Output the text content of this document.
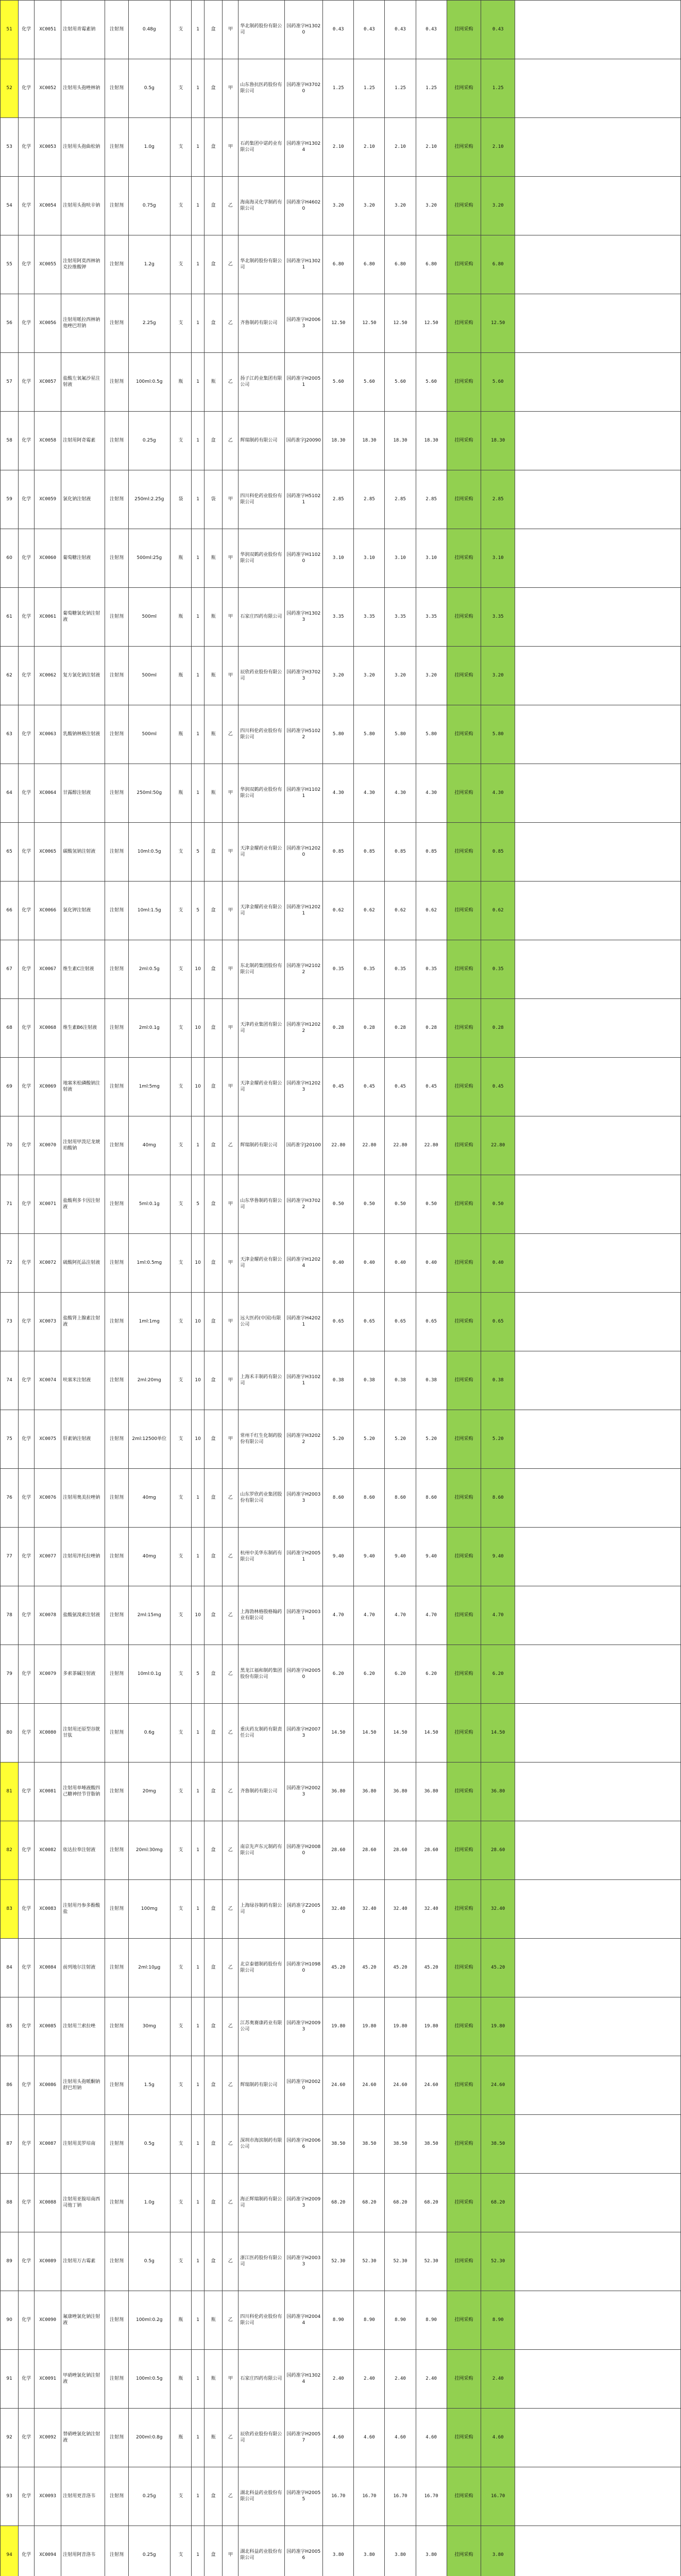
51	化学	XC0051	注射用青霉素钠	注射剂	0.48g	支	1	盒	甲	华北制药股份有限公司	国药准字H13020	0.43	0.43	0.43	0.43	挂网采购	0.43	
52	化学	XC0052	注射用头孢唑林钠	注射剂	0.5g	支	1	盒	甲	山东鲁抗医药股份有限公司	国药准字H37020	1.25	1.25	1.25	1.25	挂网采购	1.25	
53	化学	XC0053	注射用头孢曲松钠	注射剂	1.0g	支	1	盒	甲	石药集团中诺药业有限公司	国药准字H13024	2.10	2.10	2.10	2.10	挂网采购	2.10	
54	化学	XC0054	注射用头孢呋辛钠	注射剂	0.75g	支	1	盒	乙	海南海灵化学制药有限公司	国药准字H46020	3.20	3.20	3.20	3.20	挂网采购	3.20	
55	化学	XC0055	注射用阿莫西林钠克拉维酸钾	注射剂	1.2g	支	1	盒	乙	华北制药股份有限公司	国药准字H13021	6.80	6.80	6.80	6.80	挂网采购	6.80	
56	化学	XC0056	注射用哌拉西林钠他唑巴坦钠	注射剂	2.25g	支	1	盒	乙	齐鲁制药有限公司	国药准字H20063	12.50	12.50	12.50	12.50	挂网采购	12.50	
57	化学	XC0057	盐酸左氧氟沙星注射液	注射剂	100ml:0.5g	瓶	1	瓶	乙	扬子江药业集团有限公司	国药准字H20051	5.60	5.60	5.60	5.60	挂网采购	5.60	
58	化学	XC0058	注射用阿奇霉素	注射剂	0.25g	支	1	盒	乙	辉瑞制药有限公司	国药准字J20090	18.30	18.30	18.30	18.30	挂网采购	18.30	
59	化学	XC0059	氯化钠注射液	注射剂	250ml:2.25g	袋	1	袋	甲	四川科伦药业股份有限公司	国药准字H51021	2.85	2.85	2.85	2.85	挂网采购	2.85	
60	化学	XC0060	葡萄糖注射液	注射剂	500ml:25g	瓶	1	瓶	甲	华润双鹤药业股份有限公司	国药准字H11020	3.10	3.10	3.10	3.10	挂网采购	3.10	
61	化学	XC0061	葡萄糖氯化钠注射液	注射剂	500ml	瓶	1	瓶	甲	石家庄四药有限公司	国药准字H13023	3.35	3.35	3.35	3.35	挂网采购	3.35	
62	化学	XC0062	复方氯化钠注射液	注射剂	500ml	瓶	1	瓶	甲	辰欣药业股份有限公司	国药准字H37023	3.20	3.20	3.20	3.20	挂网采购	3.20	
63	化学	XC0063	乳酸钠林格注射液	注射剂	500ml	瓶	1	瓶	乙	四川科伦药业股份有限公司	国药准字H51022	5.80	5.80	5.80	5.80	挂网采购	5.80	
64	化学	XC0064	甘露醇注射液	注射剂	250ml:50g	瓶	1	瓶	甲	华润双鹤药业股份有限公司	国药准字H11021	4.30	4.30	4.30	4.30	挂网采购	4.30	
65	化学	XC0065	碳酸氢钠注射液	注射剂	10ml:0.5g	支	5	盒	甲	天津金耀药业有限公司	国药准字H12020	0.85	0.85	0.85	0.85	挂网采购	0.85	
66	化学	XC0066	氯化钾注射液	注射剂	10ml:1.5g	支	5	盒	甲	天津金耀药业有限公司	国药准字H12021	0.62	0.62	0.62	0.62	挂网采购	0.62	
67	化学	XC0067	维生素C注射液	注射剂	2ml:0.5g	支	10	盒	甲	东北制药集团股份有限公司	国药准字H21022	0.35	0.35	0.35	0.35	挂网采购	0.35	
68	化学	XC0068	维生素B6注射液	注射剂	2ml:0.1g	支	10	盒	甲	天津药业集团有限公司	国药准字H12022	0.28	0.28	0.28	0.28	挂网采购	0.28	
69	化学	XC0069	地塞米松磷酸钠注射液	注射剂	1ml:5mg	支	10	盒	甲	天津金耀药业有限公司	国药准字H12023	0.45	0.45	0.45	0.45	挂网采购	0.45	
70	化学	XC0070	注射用甲泼尼龙琥珀酸钠	注射剂	40mg	支	1	盒	乙	辉瑞制药有限公司	国药准字J20100	22.80	22.80	22.80	22.80	挂网采购	22.80	
71	化学	XC0071	盐酸利多卡因注射液	注射剂	5ml:0.1g	支	5	盒	甲	山东华鲁制药有限公司	国药准字H37022	0.50	0.50	0.50	0.50	挂网采购	0.50	
72	化学	XC0072	硫酸阿托品注射液	注射剂	1ml:0.5mg	支	10	盒	甲	天津金耀药业有限公司	国药准字H12024	0.40	0.40	0.40	0.40	挂网采购	0.40	
73	化学	XC0073	盐酸肾上腺素注射液	注射剂	1ml:1mg	支	10	盒	甲	远大医药(中国)有限公司	国药准字H42021	0.65	0.65	0.65	0.65	挂网采购	0.65	
74	化学	XC0074	呋塞米注射液	注射剂	2ml:20mg	支	10	盒	甲	上海禾丰制药有限公司	国药准字H31021	0.38	0.38	0.38	0.38	挂网采购	0.38	
75	化学	XC0075	肝素钠注射液	注射剂	2ml:12500单位	支	10	盒	甲	常州千红生化制药股份有限公司	国药准字H32022	5.20	5.20	5.20	5.20	挂网采购	5.20	
76	化学	XC0076	注射用奥美拉唑钠	注射剂	40mg	支	1	盒	乙	山东罗欣药业集团股份有限公司	国药准字H20033	8.60	8.60	8.60	8.60	挂网采购	8.60	
77	化学	XC0077	注射用泮托拉唑钠	注射剂	40mg	支	1	盒	乙	杭州中美华东制药有限公司	国药准字H20051	9.40	9.40	9.40	9.40	挂网采购	9.40	
78	化学	XC0078	盐酸氨溴索注射液	注射剂	2ml:15mg	支	10	盒	乙	上海勃林格殷格翰药业有限公司	国药准字H20031	4.70	4.70	4.70	4.70	挂网采购	4.70	
79	化学	XC0079	多索茶碱注射液	注射剂	10ml:0.1g	支	5	盒	乙	黑龙江福和制药集团股份有限公司	国药准字H20050	6.20	6.20	6.20	6.20	挂网采购	6.20	
80	化学	XC0080	注射用还原型谷胱甘肽	注射剂	0.6g	支	1	盒	乙	重庆药友制药有限责任公司	国药准字H20073	14.50	14.50	14.50	14.50	挂网采购	14.50	
81	化学	XC0081	注射用单唾液酸四己糖神经节苷脂钠	注射剂	20mg	支	1	盒	乙	齐鲁制药有限公司	国药准字H20023	36.80	36.80	36.80	36.80	挂网采购	36.80	
82	化学	XC0082	依达拉奉注射液	注射剂	20ml:30mg	支	1	盒	乙	南京先声东元制药有限公司	国药准字H20080	28.60	28.60	28.60	28.60	挂网采购	28.60	
83	化学	XC0083	注射用丹参多酚酸盐	注射剂	100mg	支	1	盒	乙	上海绿谷制药有限公司	国药准字Z20050	32.40	32.40	32.40	32.40	挂网采购	32.40	
84	化学	XC0084	前列地尔注射液	注射剂	2ml:10μg	支	1	盒	乙	北京泰德制药股份有限公司	国药准字H10980	45.20	45.20	45.20	45.20	挂网采购	45.20	
85	化学	XC0085	注射用兰索拉唑	注射剂	30mg	支	1	盒	乙	江苏奥赛康药业有限公司	国药准字H20093	19.80	19.80	19.80	19.80	挂网采购	19.80	
86	化学	XC0086	注射用头孢哌酮钠舒巴坦钠	注射剂	1.5g	支	1	盒	乙	辉瑞制药有限公司	国药准字H20020	24.60	24.60	24.60	24.60	挂网采购	24.60	
87	化学	XC0087	注射用美罗培南	注射剂	0.5g	支	1	盒	乙	深圳市海滨制药有限公司	国药准字H20066	38.50	38.50	38.50	38.50	挂网采购	38.50	
88	化学	XC0088	注射用亚胺培南西司他丁钠	注射剂	1.0g	支	1	盒	乙	海正辉瑞制药有限公司	国药准字H20093	68.20	68.20	68.20	68.20	挂网采购	68.20	
89	化学	XC0089	注射用万古霉素	注射剂	0.5g	支	1	盒	乙	浙江医药股份有限公司	国药准字H20033	52.30	52.30	52.30	52.30	挂网采购	52.30	
90	化学	XC0090	氟康唑氯化钠注射液	注射剂	100ml:0.2g	瓶	1	瓶	乙	四川科伦药业股份有限公司	国药准字H20044	8.90	8.90	8.90	8.90	挂网采购	8.90	
91	化学	XC0091	甲硝唑氯化钠注射液	注射剂	100ml:0.5g	瓶	1	瓶	甲	石家庄四药有限公司	国药准字H13024	2.40	2.40	2.40	2.40	挂网采购	2.40	
92	化学	XC0092	替硝唑氯化钠注射液	注射剂	200ml:0.8g	瓶	1	瓶	乙	辰欣药业股份有限公司	国药准字H20057	4.60	4.60	4.60	4.60	挂网采购	4.60	
93	化学	XC0093	注射用更昔洛韦	注射剂	0.25g	支	1	盒	乙	湖北科益药业股份有限公司	国药准字H20055	16.70	16.70	16.70	16.70	挂网采购	16.70	
94	化学	XC0094	注射用阿昔洛韦	注射剂	0.25g	支	1	盒	甲	湖北科益药业股份有限公司	国药准字H20056	3.80	3.80	3.80	3.80	挂网采购	3.80	
